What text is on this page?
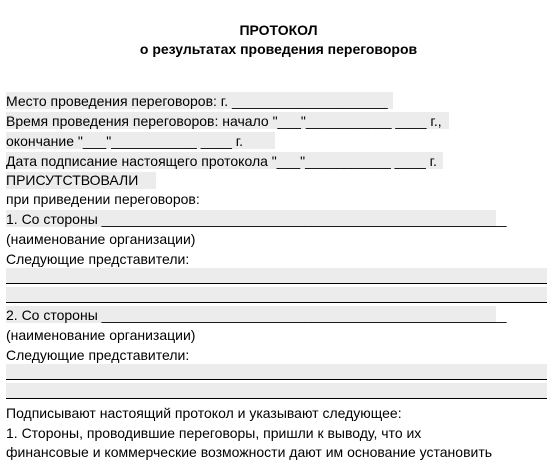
ПРОТОКОЛ
о результатах проведения переговоров
Место проведения переговоров: г. ____________________
Время проведения переговоров: начало "___"___________ ____ г.,
окончание "___"___________ ____ г.
Дата подписание настоящего протокола "___"___________ ____ г.
ПРИСУТСТВОВАЛИ
при приведении переговоров:
1. Со стороны ____________________________________________________
(наименование организации)
Следующие представители:
2. Со стороны ____________________________________________________
(наименование организации)
Следующие представители:
Подписывают настоящий протокол и указывают следующее:
1. Стороны, проводившие переговоры, пришли к выводу, что их
финансовые и коммерческие возможности дают им основание установить
